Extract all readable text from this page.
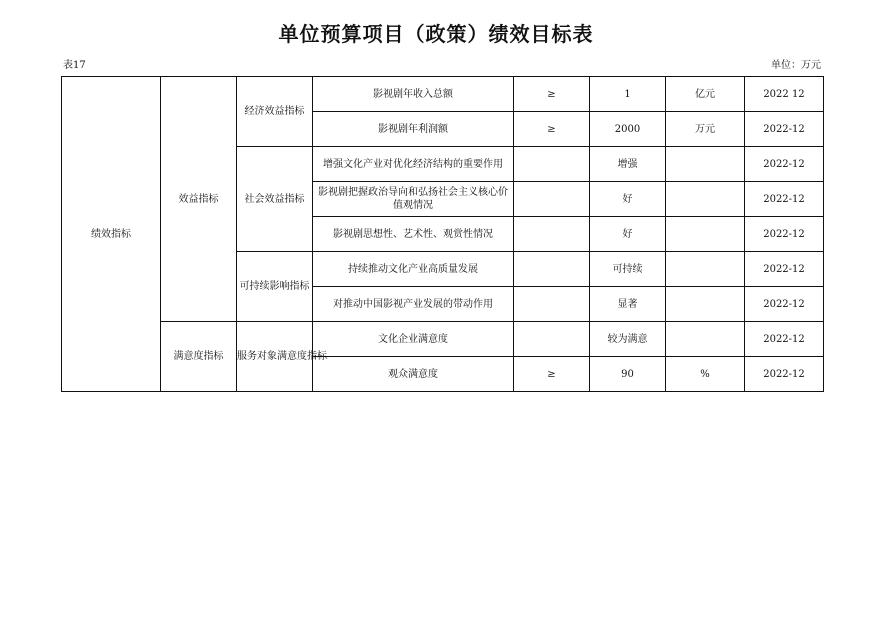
单位预算项目（政策）绩效目标表
表17	单位：万元
绩效指标	效益指标	经济效益指标	影视剧年收入总额	≥	1	亿元	2022 12
			影视剧年利润额	≥	2000	万元	2022-12
		社会效益指标	增强文化产业对优化经济结构的重要作用		增强		2022-12
			影视剧把握政治导向和弘扬社会主义核心价值观情况		好		2022-12
			影视剧思想性、艺术性、观赏性情况		好		2022-12
		可持续影响指标	持续推动文化产业高质量发展		可持续		2022-12
			对推动中国影视产业发展的带动作用		显著		2022-12
	满意度指标	服务对象满意度指标	文化企业满意度		较为满意		2022-12
			观众满意度	≥	90	%	2022-12
